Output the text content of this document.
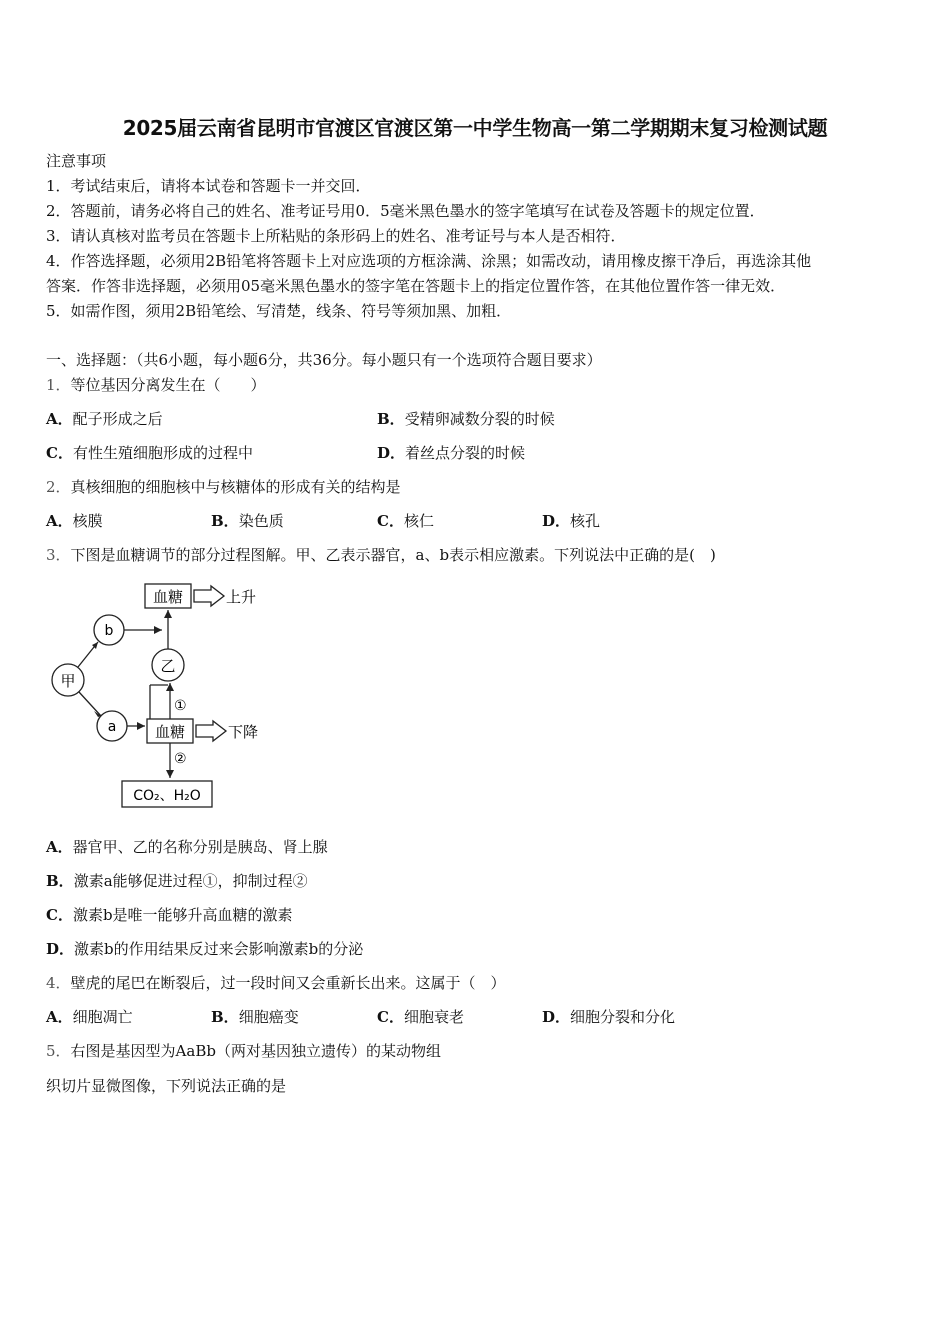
2025届云南省昆明市官渡区官渡区第一中学生物高一第二学期期末复习检测试题
注意事项
1．考试结束后，请将本试卷和答题卡一并交回．
2．答题前，请务必将自己的姓名、准考证号用0．5毫米黑色墨水的签字笔填写在试卷及答题卡的规定位置．
3．请认真核对监考员在答题卡上所粘贴的条形码上的姓名、准考证号与本人是否相符．
4．作答选择题，必须用2B铅笔将答题卡上对应选项的方框涂满、涂黑；如需改动，请用橡皮擦干净后，再选涂其他
答案．作答非选择题，必须用05毫米黑色墨水的签字笔在答题卡上的指定位置作答，在其他位置作答一律无效．
5．如需作图，须用2B铅笔绘、写清楚，线条、符号等须加黑、加粗．
一、选择题：（共6小题，每小题6分，共36分。每小题只有一个选项符合题目要求）
1．等位基因分离发生在（　　）
A．配子形成之后	B．受精卵减数分裂的时候
C．有性生殖细胞形成的过程中	D．着丝点分裂的时候
2．真核细胞的细胞核中与核糖体的形成有关的结构是
A．核膜	B．染色质	C．核仁	D．核孔
3．下图是血糖调节的部分过程图解。甲、乙表示器官，a、b表示相应激素。下列说法中正确的是(　)
血糖	上升
b
乙
甲
a
①
血糖	下降
②
CO₂、H₂O
A．器官甲、乙的名称分别是胰岛、肾上腺
B．激素a能够促进过程①，抑制过程②
C．激素b是唯一能够升高血糖的激素
D．激素b的作用结果反过来会影响激素b的分泌
4．壁虎的尾巴在断裂后，过一段时间又会重新长出来。这属于（　）
A．细胞凋亡	B．细胞癌变	C．细胞衰老	D．细胞分裂和分化
5．右图是基因型为AaBb（两对基因独立遗传）的某动物组
织切片显微图像，下列说法正确的是
